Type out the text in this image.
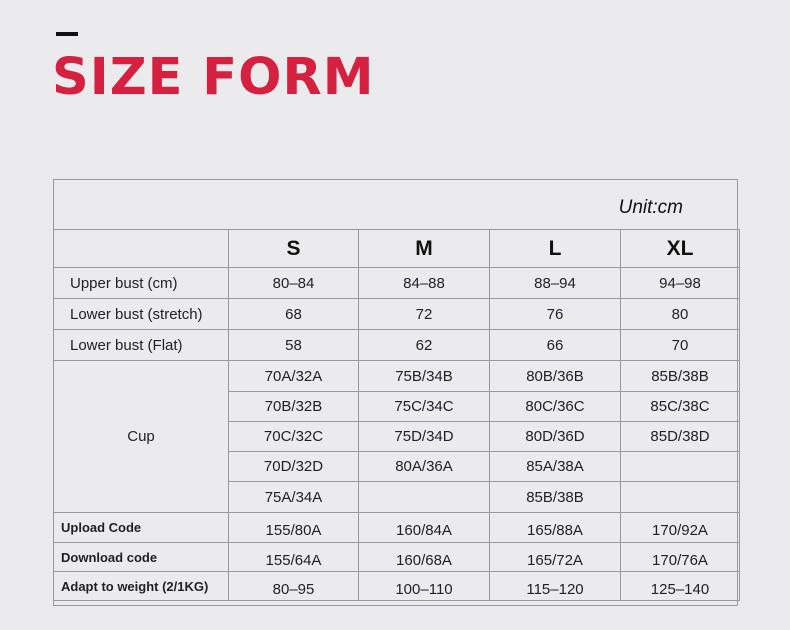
SIZE FORM
Unit:cm
	S	M	L	XL
Upper bust (cm)	80–84	84–88	88–94	94–98
Lower bust (stretch)	68	72	76	80
Lower bust (Flat)	58	62	66	70
Cup	70A/32A	75B/34B	80B/36B	85B/38B
	70B/32B	75C/34C	80C/36C	85C/38C
	70C/32C	75D/34D	80D/36D	85D/38D
	70D/32D	80A/36A	85A/38A	
	75A/34A		85B/38B	
Upload Code	155/80A	160/84A	165/88A	170/92A
Download code	155/64A	160/68A	165/72A	170/76A
Adapt to weight (2/1KG)	80–95	100–110	115–120	125–140
